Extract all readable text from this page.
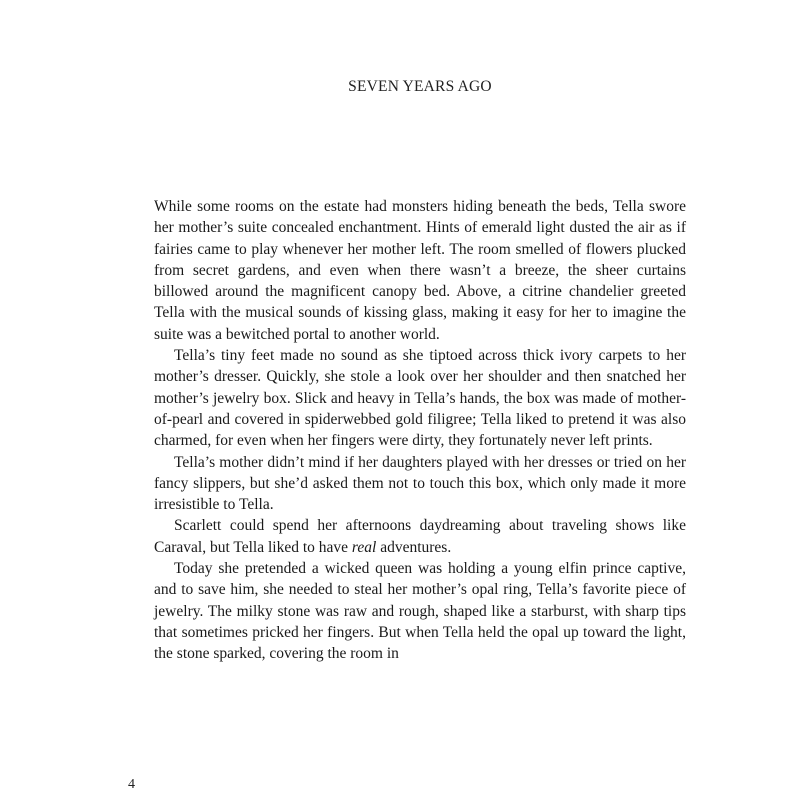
SEVEN YEARS AGO

While some rooms on the estate had monsters hiding beneath the beds, Tella swore her mother’s suite concealed enchantment. Hints of emerald light dusted the air as if fairies came to play whenever her mother left. The room smelled of flowers plucked from secret gardens, and even when there wasn’t a breeze, the sheer curtains billowed around the magnificent canopy bed. Above, a citrine chandelier greeted Tella with the musical sounds of kissing glass, making it easy for her to imagine the suite was a bewitched portal to another world.

Tella’s tiny feet made no sound as she tiptoed across thick ivory carpets to her mother’s dresser. Quickly, she stole a look over her shoulder and then snatched her mother’s jewelry box. Slick and heavy in Tella’s hands, the box was made of mother-of-pearl and covered in spiderwebbed gold filigree; Tella liked to pretend it was also charmed, for even when her fingers were dirty, they fortunately never left prints.

Tella’s mother didn’t mind if her daughters played with her dresses or tried on her fancy slippers, but she’d asked them not to touch this box, which only made it more irresistible to Tella.

Scarlett could spend her afternoons daydreaming about traveling shows like Caraval, but Tella liked to have real adventures.

Today she pretended a wicked queen was holding a young elfin prince captive, and to save him, she needed to steal her mother’s opal ring, Tella’s favorite piece of jewelry. The milky stone was raw and rough, shaped like a starburst, with sharp tips that sometimes pricked her fingers. But when Tella held the opal up toward the light, the stone sparked, covering the room in

4
